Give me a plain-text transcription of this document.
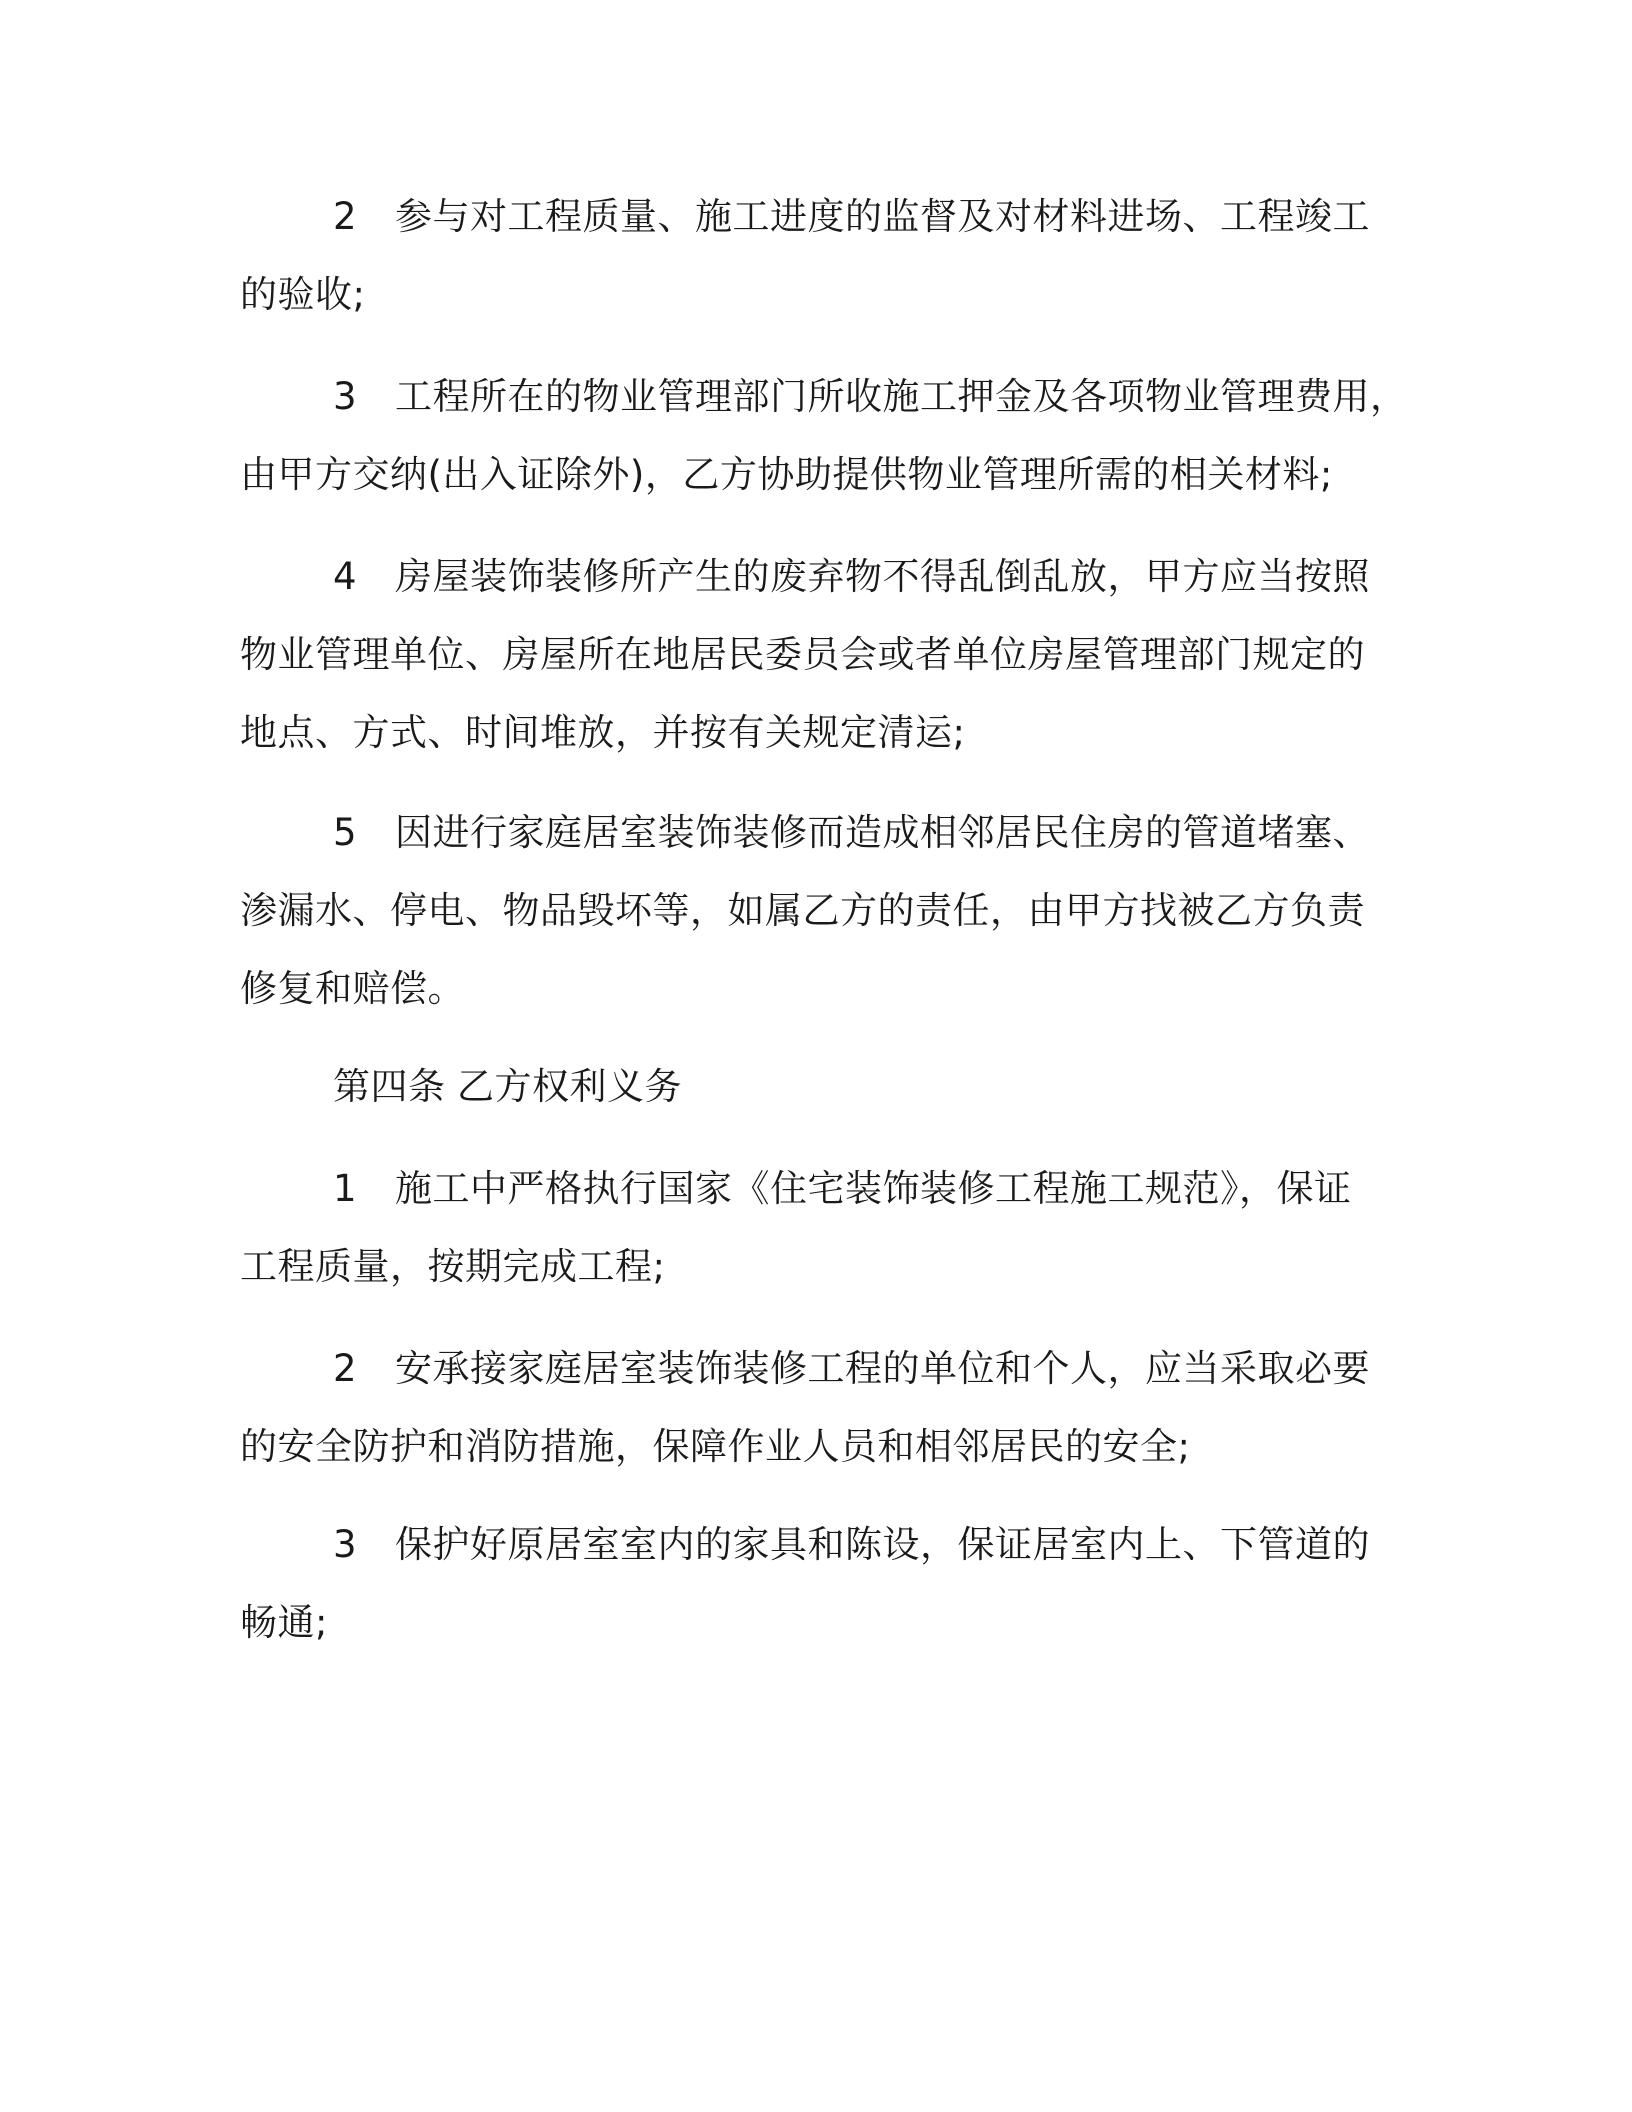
2 参与对工程质量、施工进度的监督及对材料进场、工程竣工
的验收;
3 工程所在的物业管理部门所收施工押金及各项物业管理费用，
由甲方交纳(出入证除外)，乙方协助提供物业管理所需的相关材料;
4 房屋装饰装修所产生的废弃物不得乱倒乱放，甲方应当按照
物业管理单位、房屋所在地居民委员会或者单位房屋管理部门规定的
地点、方式、时间堆放，并按有关规定清运;
5 因进行家庭居室装饰装修而造成相邻居民住房的管道堵塞、
渗漏水、停电、物品毁坏等，如属乙方的责任，由甲方找被乙方负责
修复和赔偿。
第四条 乙方权利义务
1 施工中严格执行国家《住宅装饰装修工程施工规范》，保证
工程质量，按期完成工程;
2 安承接家庭居室装饰装修工程的单位和个人，应当采取必要
的安全防护和消防措施，保障作业人员和相邻居民的安全;
3 保护好原居室室内的家具和陈设，保证居室内上、下管道的
畅通;
